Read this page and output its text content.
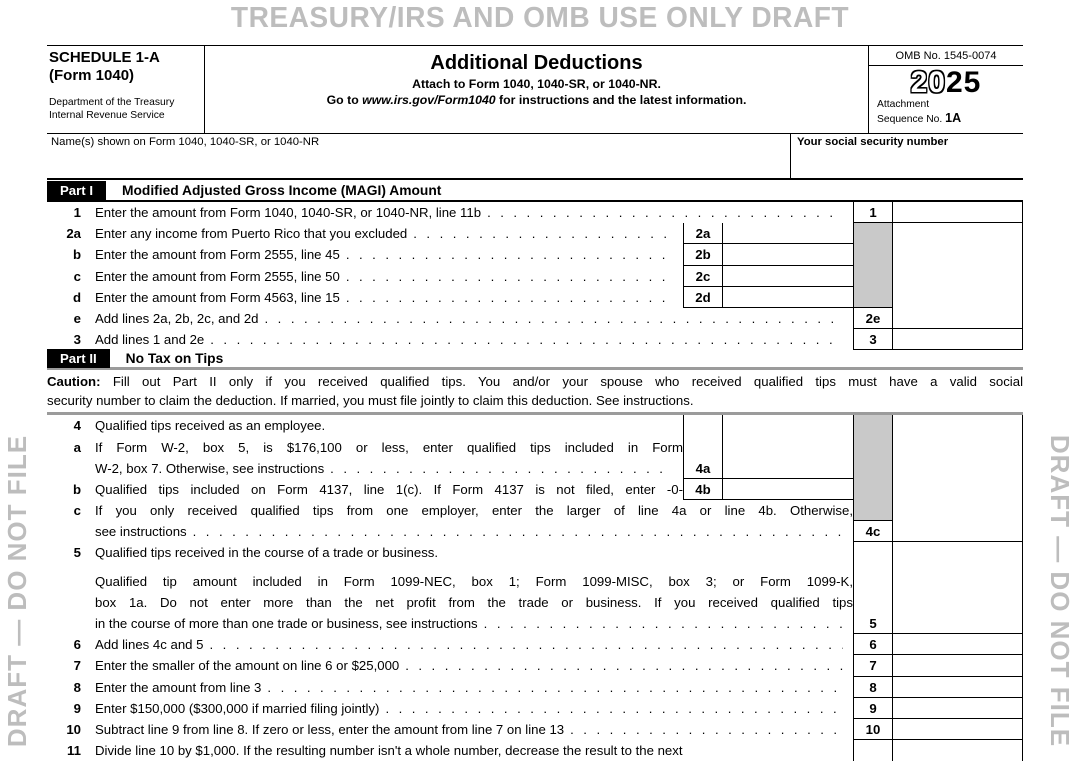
TREASURY/IRS AND OMB USE ONLY DRAFT
DRAFT — DO NOT FILE	DRAFT — DO NOT FILE
SCHEDULE 1-A
(Form 1040)
Department of the Treasury
Internal Revenue Service
Additional Deductions
Attach to Form 1040, 1040-SR, or 1040-NR.
Go to www.irs.gov/Form1040 for instructions and the latest information.
OMB No. 1545-0074
2025
Attachment
Sequence No. 1A
Name(s) shown on Form 1040, 1040-SR, or 1040-NR	Your social security number
Part I	Modified Adjusted Gross Income (MAGI) Amount
1 Enter the amount from Form 1040, 1040-SR, or 1040-NR, line 11b .....	1
2a Enter any income from Puerto Rico that you excluded .....	2a
b Enter the amount from Form 2555, line 45 .....	2b
c Enter the amount from Form 2555, line 50 .....	2c
d Enter the amount from Form 4563, line 15 .....	2d
e Add lines 2a, 2b, 2c, and 2d .....	2e
3 Add lines 1 and 2e .....	3
Part II	No Tax on Tips
Caution: Fill out Part II only if you received qualified tips. You and/or your spouse who received qualified tips must have a valid social
security number to claim the deduction. If married, you must file jointly to claim this deduction. See instructions.
4	Qualified tips received as an employee.
a	If Form W-2, box 5, is $176,100 or less, enter qualified tips included in Form
W-2, box 7. Otherwise, see instructions .....	4a
b	Qualified tips included on Form 4137, line 1(c). If Form 4137 is not filed, enter -0- 4b
c	If you only received qualified tips from one employer, enter the larger of line 4a or line 4b. Otherwise,
see instructions .....	4c
5	Qualified tips received in the course of a trade or business.
Qualified tip amount included in Form 1099-NEC, box 1; Form 1099-MISC, box 3; or Form 1099-K,
box 1a. Do not enter more than the net profit from the trade or business. If you received qualified tips
in the course of more than one trade or business, see instructions .....	5
6 Add lines 4c and 5 .....	6
7 Enter the smaller of the amount on line 6 or $25,000 .....	7
8 Enter the amount from line 3 .....	8
9 Enter $150,000 ($300,000 if married filing jointly) .....	9
10 Subtract line 9 from line 8. If zero or less, enter the amount from line 7 on line 13 .....	10
11	Divide line 10 by $1,000. If the resulting number isn't a whole number, decrease the result to the next
